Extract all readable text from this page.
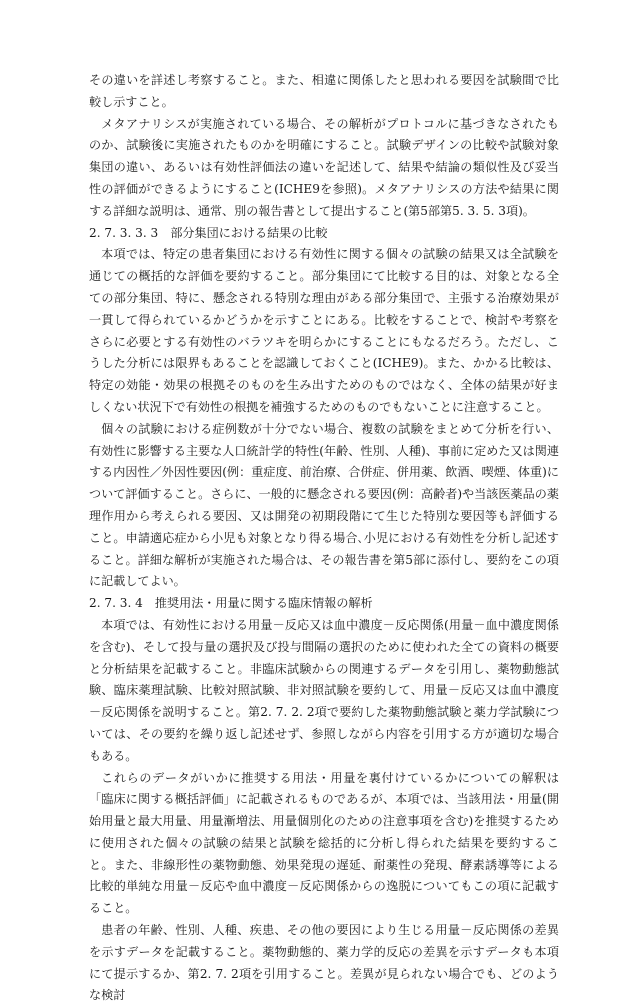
その違いを詳述し考察すること。また、相違に関係したと思われる要因を試験間で比較し示すこと。

メタアナリシスが実施されている場合、その解析がプロトコルに基づきなされたものか、試験後に実施されたものかを明確にすること。試験デザインの比較や試験対象集団の違い、あるいは有効性評価法の違いを記述して、結果や結論の類似性及び妥当性の評価ができるようにすること(ICHE9を参照)。メタアナリシスの方法や結果に関する詳細な説明は、通常、別の報告書として提出すること(第5部第5. 3. 5. 3項)。

2. 7. 3. 3. 3　部分集団における結果の比較

本項では、特定の患者集団における有効性に関する個々の試験の結果又は全試験を通じての概括的な評価を要約すること。部分集団にて比較する目的は、対象となる全ての部分集団、特に、懸念される特別な理由がある部分集団で、主張する治療効果が一貫して得られているかどうかを示すことにある。比較をすることで、検討や考察をさらに必要とする有効性のバラツキを明らかにすることにもなるだろう。ただし、こうした分析には限界もあることを認識しておくこと(ICHE9)。また、かかる比較は、特定の効能・効果の根拠そのものを生み出すためのものではなく、全体の結果が好ましくない状況下で有効性の根拠を補強するためのものでもないことに注意すること。

個々の試験における症例数が十分でない場合、複数の試験をまとめて分析を行い、有効性に影響する主要な人口統計学的特性(年齢、性別、人種)、事前に定めた又は関連する内因性／外因性要因(例：重症度、前治療、合併症、併用薬、飲酒、喫煙、体重)について評価すること。さらに、一般的に懸念される要因(例：高齢者)や当該医薬品の薬理作用から考えられる要因、又は開発の初期段階にて生じた特別な要因等も評価すること。申請適応症から小児も対象となり得る場合､小児における有効性を分析し記述すること。詳細な解析が実施された場合は、その報告書を第5部に添付し、要約をこの項に記載してよい。

2. 7. 3. 4　推奨用法・用量に関する臨床情報の解析

本項では、有効性における用量－反応又は血中濃度－反応関係(用量－血中濃度関係を含む)、そして投与量の選択及び投与間隔の選択のために使われた全ての資料の概要と分析結果を記載すること。非臨床試験からの関連するデータを引用し、薬物動態試験、臨床薬理試験、比較対照試験、非対照試験を要約して、用量－反応又は血中濃度－反応関係を説明すること。第2. 7. 2. 2項で要約した薬物動態試験と薬力学試験については、その要約を繰り返し記述せず、参照しながら内容を引用する方が適切な場合もある。

これらのデータがいかに推奨する用法・用量を裏付けているかについての解釈は「臨床に関する概括評価」に記載されるものであるが、本項では、当該用法・用量(開始用量と最大用量、用量漸増法、用量個別化のための注意事項を含む)を推奨するために使用された個々の試験の結果と試験を総括的に分析し得られた結果を要約すること。また、非線形性の薬物動態、効果発現の遅延、耐薬性の発現、酵素誘導等による比較的単純な用量－反応や血中濃度－反応関係からの逸脱についてもこの項に記載すること。

患者の年齢、性別、人種、疾患、その他の要因により生じる用量－反応関係の差異を示すデータを記載すること。薬物動態的、薬力学的反応の差異を示すデータも本項にて提示するか、第2. 7. 2項を引用すること。差異が見られない場合でも、どのような検討
